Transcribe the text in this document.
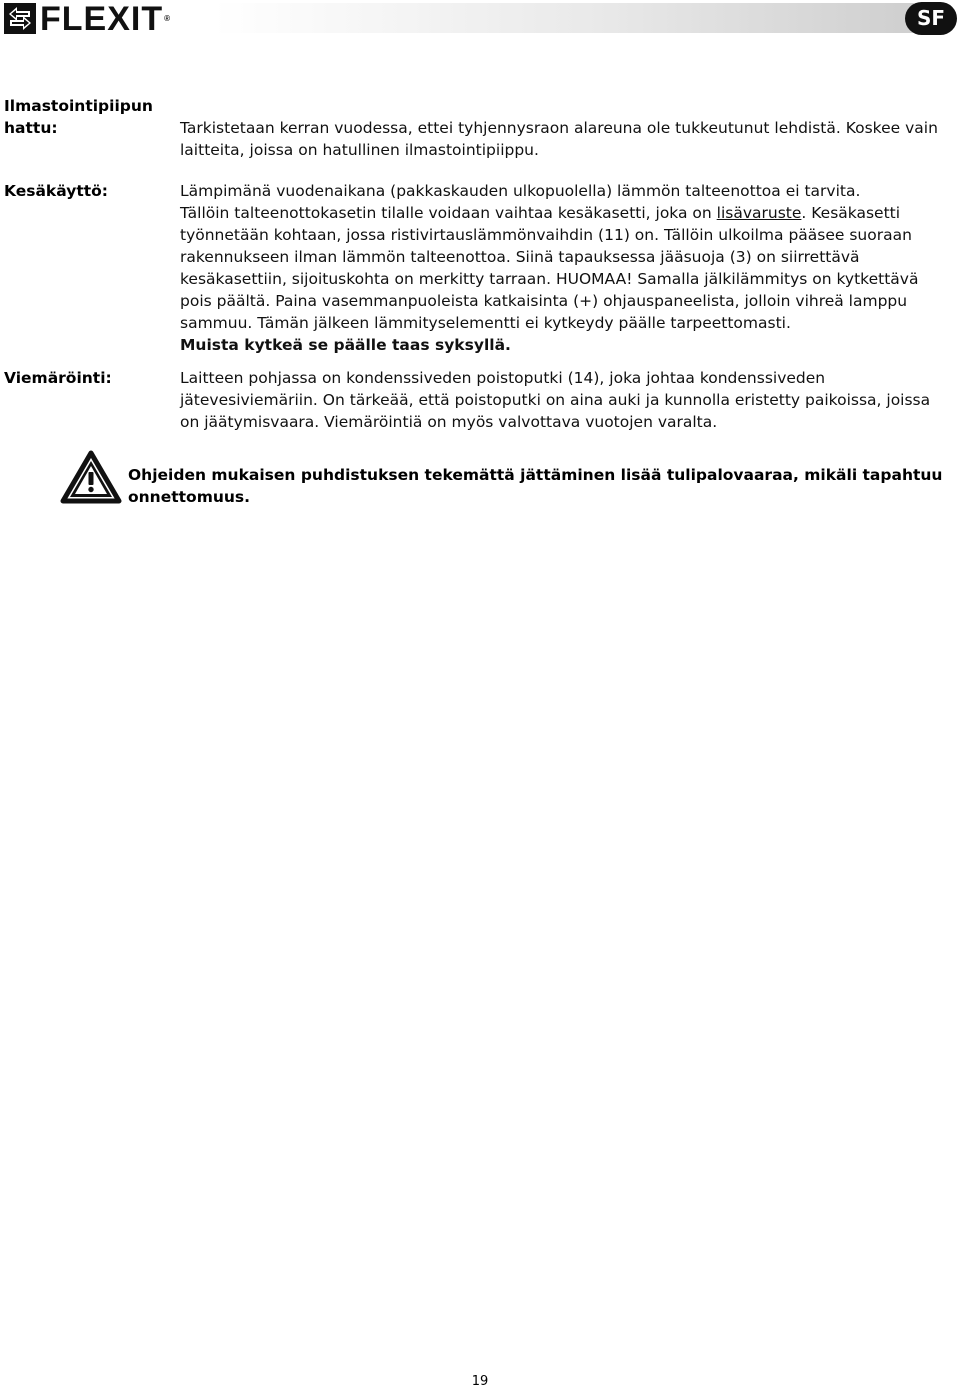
FLEXIT®	SF
Ilmastointipiipun
hattu:	Tarkistetaan kerran vuodessa, ettei tyhjennysraon alareuna ole tukkeutunut lehdistä. Koskee vain
laitteita, joissa on hatullinen ilmastointipiippu.
Kesäkäyttö:	Lämpimänä vuodenaikana (pakkaskauden ulkopuolella) lämmön talteenottoa ei tarvita.
Tällöin talteenottokasetin tilalle voidaan vaihtaa kesäkasetti, joka on lisävaruste. Kesäkasetti
työnnetään kohtaan, jossa ristivirtauslämmönvaihdin (11) on. Tällöin ulkoilma pääsee suoraan
rakennukseen ilman lämmön talteenottoa. Siinä tapauksessa jääsuoja (3) on siirrettävä
kesäkasettiin, sijoituskohta on merkitty tarraan. HUOMAA! Samalla jälkilämmitys on kytkettävä
pois päältä. Paina vasemmanpuoleista katkaisinta (+) ohjauspaneelista, jolloin vihreä lamppu
sammuu. Tämän jälkeen lämmityselementti ei kytkeydy päälle tarpeettomasti.
Muista kytkeä se päälle taas syksyllä.
Viemäröinti:	Laitteen pohjassa on kondenssiveden poistoputki (14), joka johtaa kondenssiveden
jätevesiviemäriin. On tärkeää, että poistoputki on aina auki ja kunnolla eristetty paikoissa, joissa
on jäätymisvaara. Viemäröintiä on myös valvottava vuotojen varalta.
Ohjeiden mukaisen puhdistuksen tekemättä jättäminen lisää tulipalovaaraa, mikäli tapahtuu
onnettomuus.
19
